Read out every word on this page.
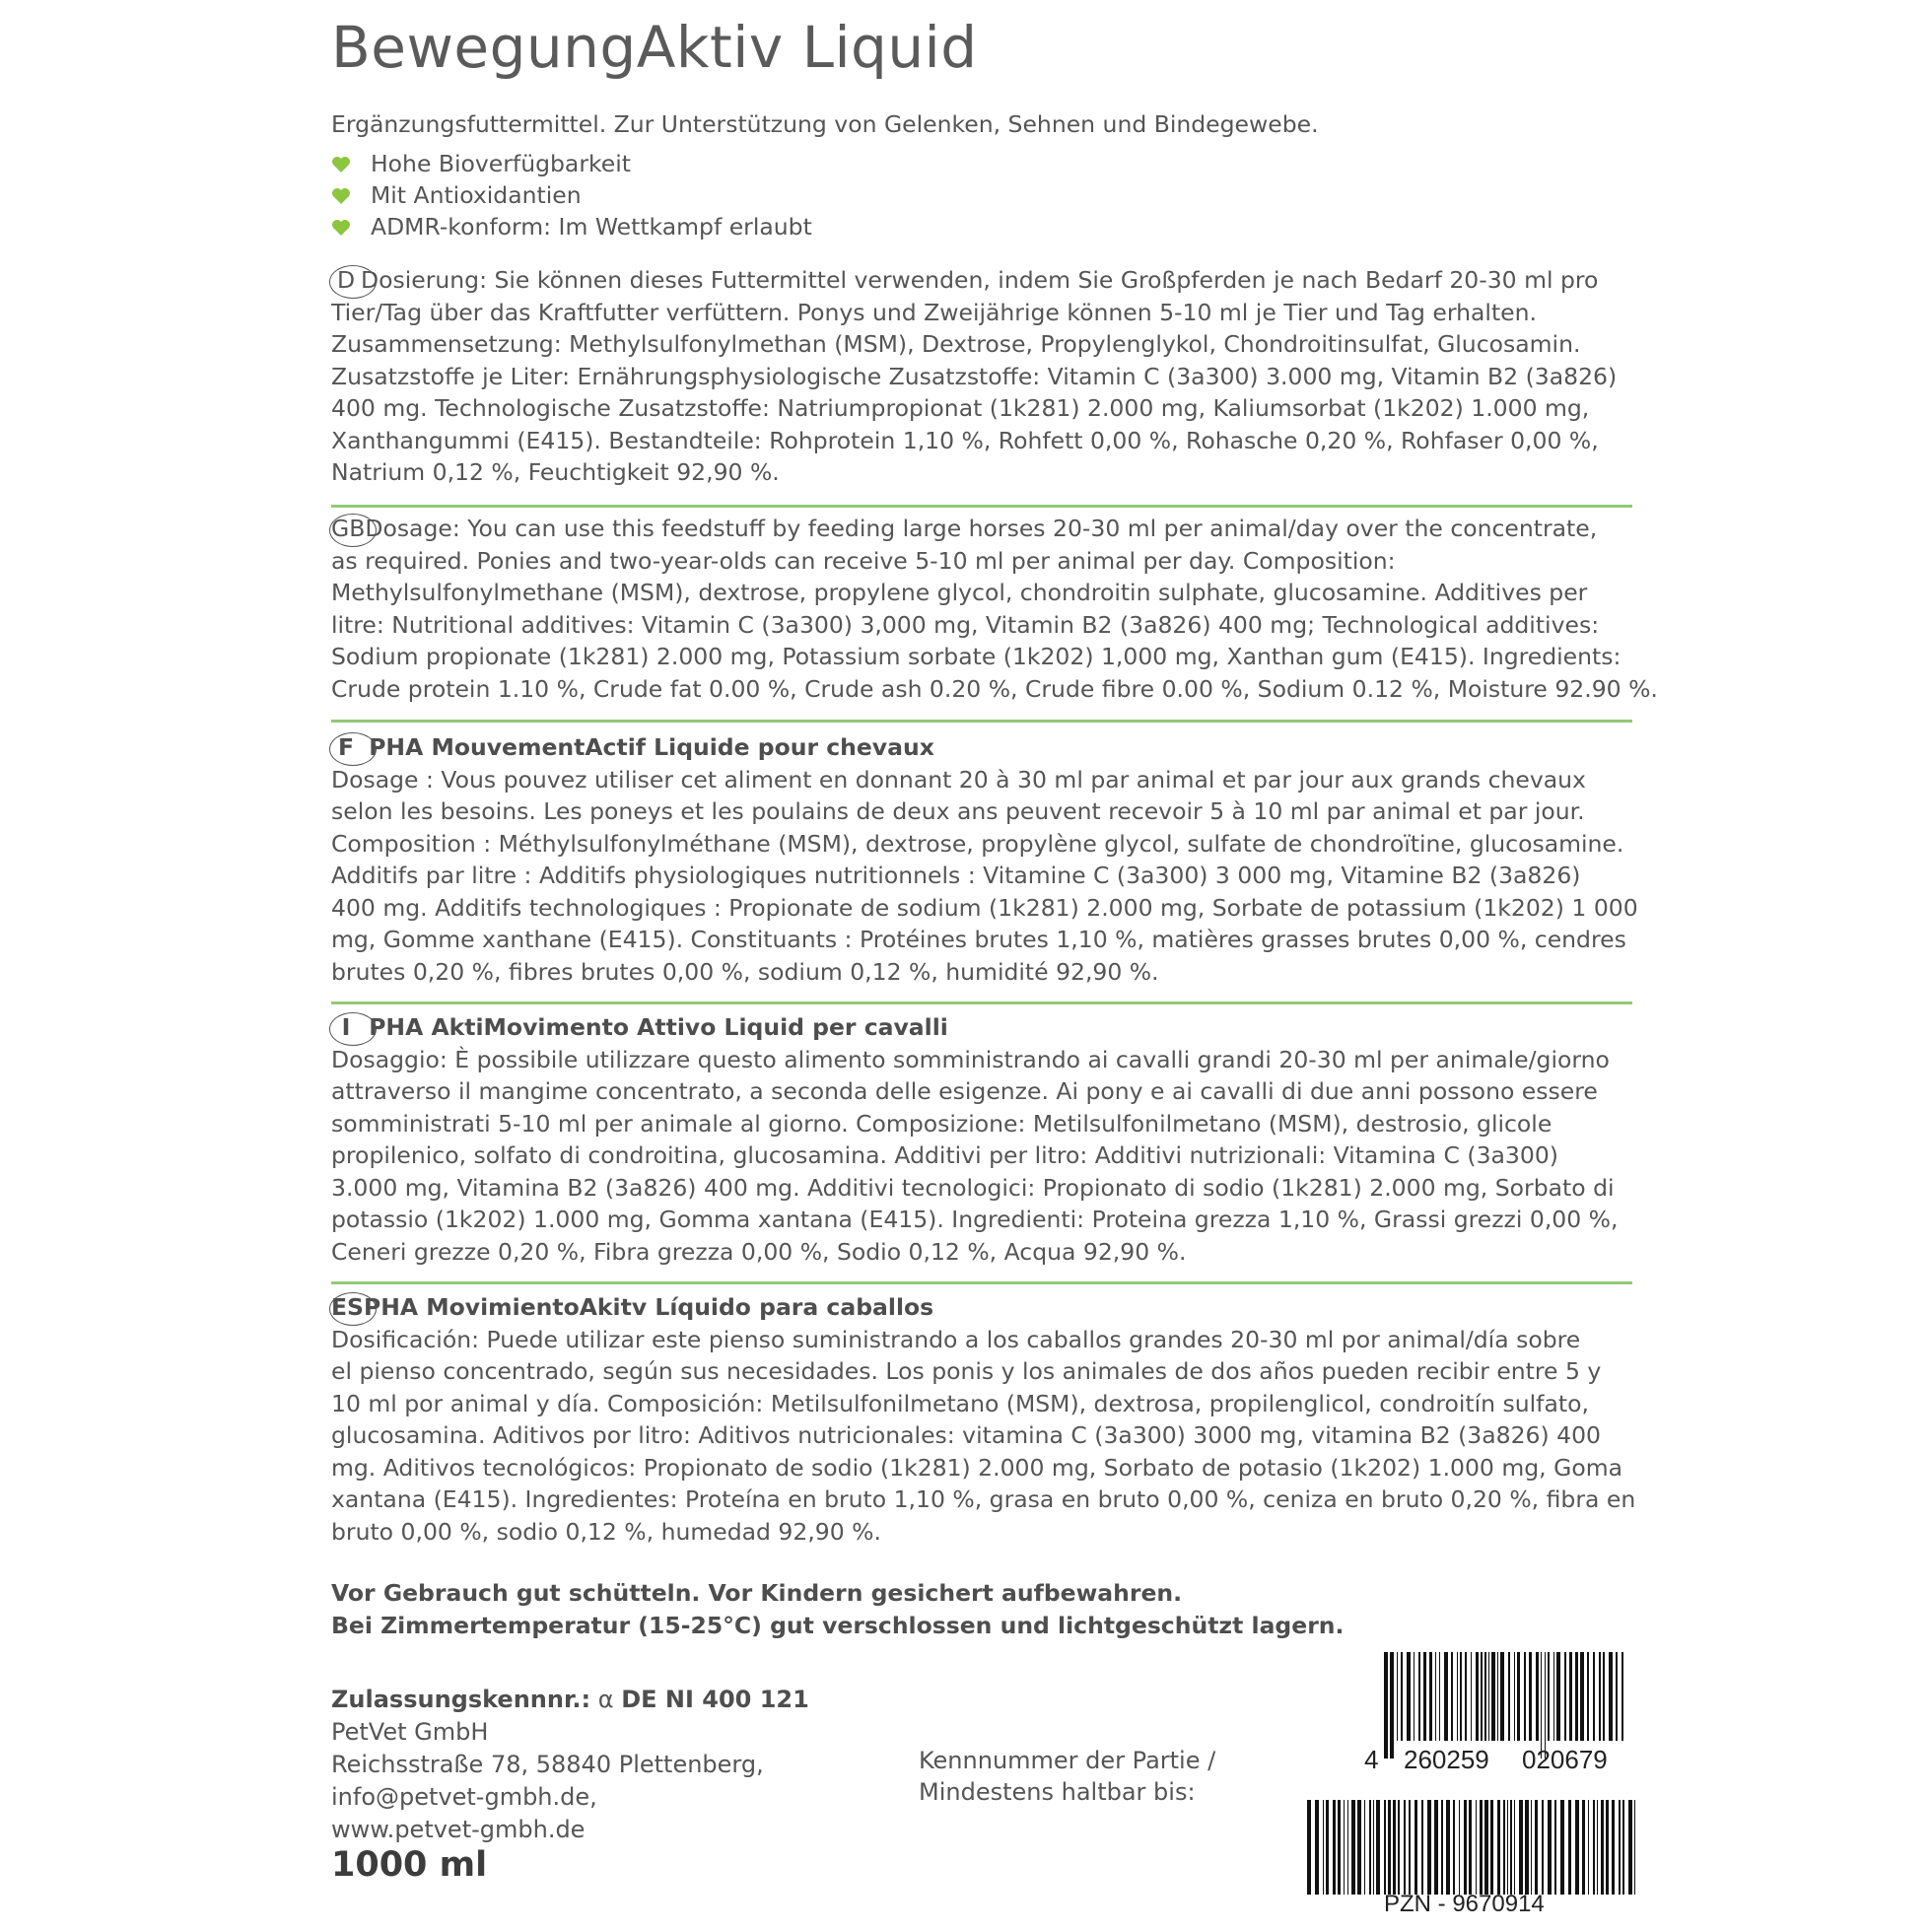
BewegungAktiv Liquid
Ergänzungsfuttermittel. Zur Unterstützung von Gelenken, Sehnen und Bindegewebe.
Hohe Bioverfügbarkeit
Mit Antioxidantien
ADMR-konform: Im Wettkampf erlaubt

D Dosierung: Sie können dieses Futtermittel verwenden, indem Sie Großpferden je nach Bedarf 20-30 ml pro

Tier/Tag über das Kraftfutter verfüttern. Ponys und Zweijährige können 5-10 ml je Tier und Tag erhalten.

Zusammensetzung: Methylsulfonylmethan (MSM), Dextrose, Propylenglykol, Chondroitinsulfat, Glucosamin.

Zusatzstoffe je Liter: Ernährungsphysiologische Zusatzstoffe: Vitamin C (3a300) 3.000 mg, Vitamin B2 (3a826)

400 mg. Technologische Zusatzstoffe: Natriumpropionat (1k281) 2.000 mg, Kaliumsorbat (1k202) 1.000 mg,

Xanthangummi (E415). Bestandteile: Rohprotein 1,10 %, Rohfett 0,00 %, Rohasche 0,20 %, Rohfaser 0,00 %,

Natrium 0,12 %, Feuchtigkeit 92,90 %.

GBDosage: You can use this feedstuff by feeding large horses 20-30 ml per animal/day over the concentrate,

as required. Ponies and two-year-olds can receive 5-10 ml per animal per day. Composition:

Methylsulfonylmethane (MSM), dextrose, propylene glycol, chondroitin sulphate, glucosamine. Additives per

litre: Nutritional additives: Vitamin C (3a300) 3,000 mg, Vitamin B2 (3a826) 400 mg; Technological additives:

Sodium propionate (1k281) 2.000 mg, Potassium sorbate (1k202) 1,000 mg, Xanthan gum (E415). Ingredients:

Crude protein 1.10 %, Crude fat 0.00 %, Crude ash 0.20 %, Crude fibre 0.00 %, Sodium 0.12 %, Moisture 92.90 %.

F PHA MouvementActif Liquide pour chevaux

Dosage : Vous pouvez utiliser cet aliment en donnant 20 à 30 ml par animal et par jour aux grands chevaux

selon les besoins. Les poneys et les poulains de deux ans peuvent recevoir 5 à 10 ml par animal et par jour.

Composition : Méthylsulfonylméthane (MSM), dextrose, propylène glycol, sulfate de chondroïtine, glucosamine.

Additifs par litre : Additifs physiologiques nutritionnels : Vitamine C (3a300) 3 000 mg, Vitamine B2 (3a826)

400 mg. Additifs technologiques : Propionate de sodium (1k281) 2.000 mg, Sorbate de potassium (1k202) 1 000

mg, Gomme xanthane (E415). Constituants : Protéines brutes 1,10 %, matières grasses brutes 0,00 %, cendres

brutes 0,20 %, fibres brutes 0,00 %, sodium 0,12 %, humidité 92,90 %.

I PHA AktiMovimento Attivo Liquid per cavalli

Dosaggio: È possibile utilizzare questo alimento somministrando ai cavalli grandi 20-30 ml per animale/giorno

attraverso il mangime concentrato, a seconda delle esigenze. Ai pony e ai cavalli di due anni possono essere

somministrati 5-10 ml per animale al giorno. Composizione: Metilsulfonilmetano (MSM), destrosio, glicole

propilenico, solfato di condroitina, glucosamina. Additivi per litro: Additivi nutrizionali: Vitamina C (3a300)

3.000 mg, Vitamina B2 (3a826) 400 mg. Additivi tecnologici: Propionato di sodio (1k281) 2.000 mg, Sorbato di

potassio (1k202) 1.000 mg, Gomma xantana (E415). Ingredienti: Proteina grezza 1,10 %, Grassi grezzi 0,00 %,

Ceneri grezze 0,20 %, Fibra grezza 0,00 %, Sodio 0,12 %, Acqua 92,90 %.

ESPHA MovimientoAkitv Líquido para caballos

Dosificación: Puede utilizar este pienso suministrando a los caballos grandes 20-30 ml por animal/día sobre

el pienso concentrado, según sus necesidades. Los ponis y los animales de dos años pueden recibir entre 5 y

10 ml por animal y día. Composición: Metilsulfonilmetano (MSM), dextrosa, propilenglicol, condroitín sulfato,

glucosamina. Aditivos por litro: Aditivos nutricionales: vitamina C (3a300) 3000 mg, vitamina B2 (3a826) 400

mg. Aditivos tecnológicos: Propionato de sodio (1k281) 2.000 mg, Sorbato de potasio (1k202) 1.000 mg, Goma

xantana (E415). Ingredientes: Proteína en bruto 1,10 %, grasa en bruto 0,00 %, ceniza en bruto 0,20 %, fibra en

bruto 0,00 %, sodio 0,12 %, humedad 92,90 %.

Vor Gebrauch gut schütteln. Vor Kindern gesichert aufbewahren.
Bei Zimmertemperatur (15-25°C) gut verschlossen und lichtgeschützt lagern.
Zulassungskennnr.: α DE NI 400 121
PetVet GmbH
Reichsstraße 78, 58840 Plettenberg,
info@petvet-gmbh.de,
www.petvet-gmbh.de
1000 ml
Kennnummer der Partie /
Mindestens haltbar bis:
4 260259 020679
PZN - 9670914
